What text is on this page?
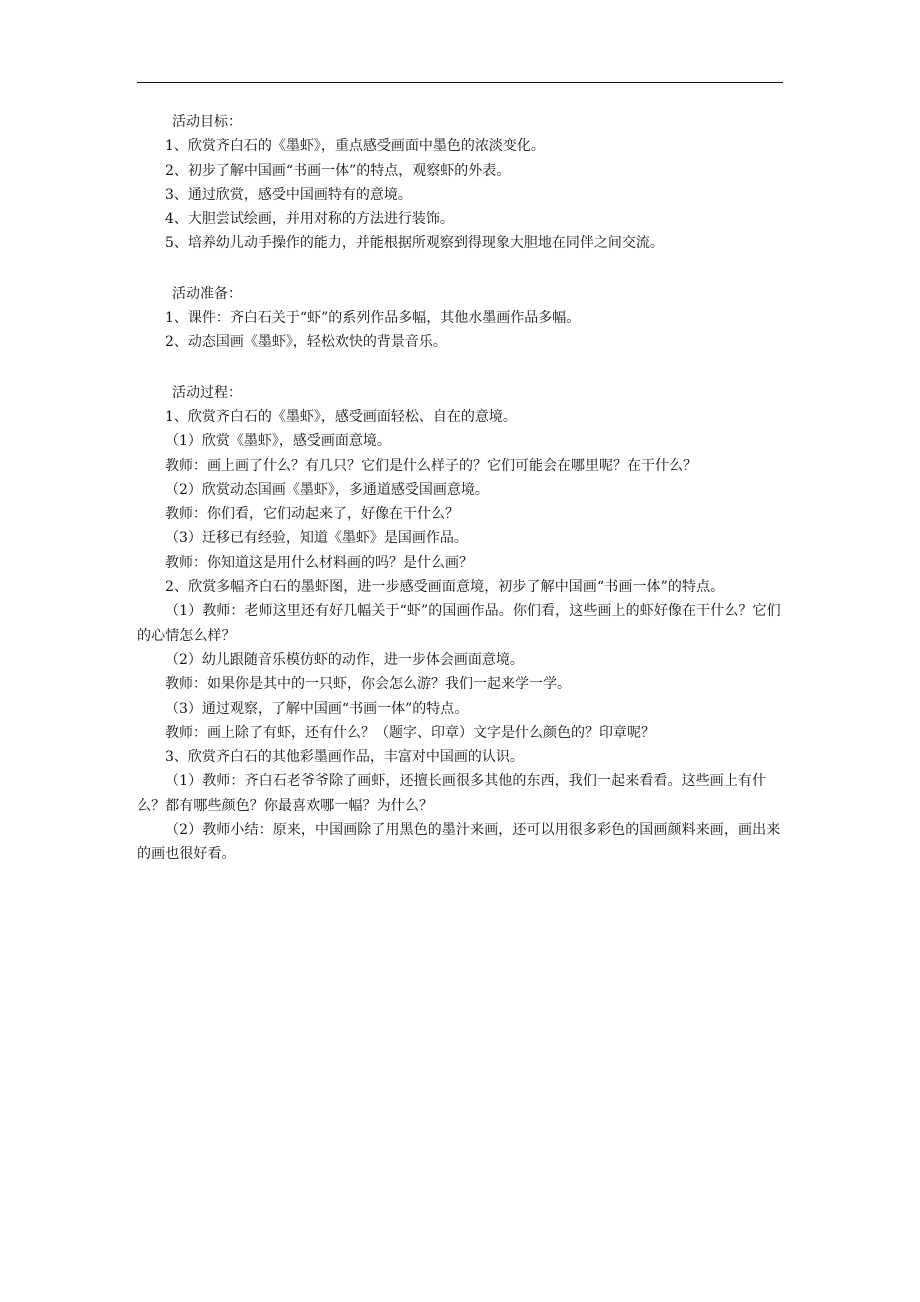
活动目标：

1、欣赏齐白石的《墨虾》，重点感受画面中墨色的浓淡变化。

2、初步了解中国画“书画一体”的特点，观察虾的外表。

3、通过欣赏，感受中国画特有的意境。

4、大胆尝试绘画，并用对称的方法进行装饰。

5、培养幼儿动手操作的能力，并能根据所观察到得现象大胆地在同伴之间交流。

活动准备：

1、课件：齐白石关于“虾”的系列作品多幅，其他水墨画作品多幅。

2、动态国画《墨虾》，轻松欢快的背景音乐。

活动过程：

1、欣赏齐白石的《墨虾》，感受画面轻松、自在的意境。

（1）欣赏《墨虾》，感受画面意境。

教师：画上画了什么？有几只？它们是什么样子的？它们可能会在哪里呢？在干什么？

（2）欣赏动态国画《墨虾》，多通道感受国画意境。

教师：你们看，它们动起来了，好像在干什么？

（3）迁移已有经验，知道《墨虾》是国画作品。

教师：你知道这是用什么材料画的吗？是什么画？

2、欣赏多幅齐白石的墨虾图，进一步感受画面意境，初步了解中国画“书画一体”的特点。

（1）教师：老师这里还有好几幅关于“虾”的国画作品。你们看，这些画上的虾好像在干什么？它们的心情怎么样？

（2）幼儿跟随音乐模仿虾的动作，进一步体会画面意境。

教师：如果你是其中的一只虾，你会怎么游？我们一起来学一学。

（3）通过观察，了解中国画“书画一体”的特点。

教师：画上除了有虾，还有什么？（题字、印章）文字是什么颜色的？印章呢？

3、欣赏齐白石的其他彩墨画作品，丰富对中国画的认识。

（1）教师：齐白石老爷爷除了画虾，还擅长画很多其他的东西，我们一起来看看。这些画上有什么？都有哪些颜色？你最喜欢哪一幅？为什么？

（2）教师小结：原来，中国画除了用黑色的墨汁来画，还可以用很多彩色的国画颜料来画，画出来的画也很好看。
